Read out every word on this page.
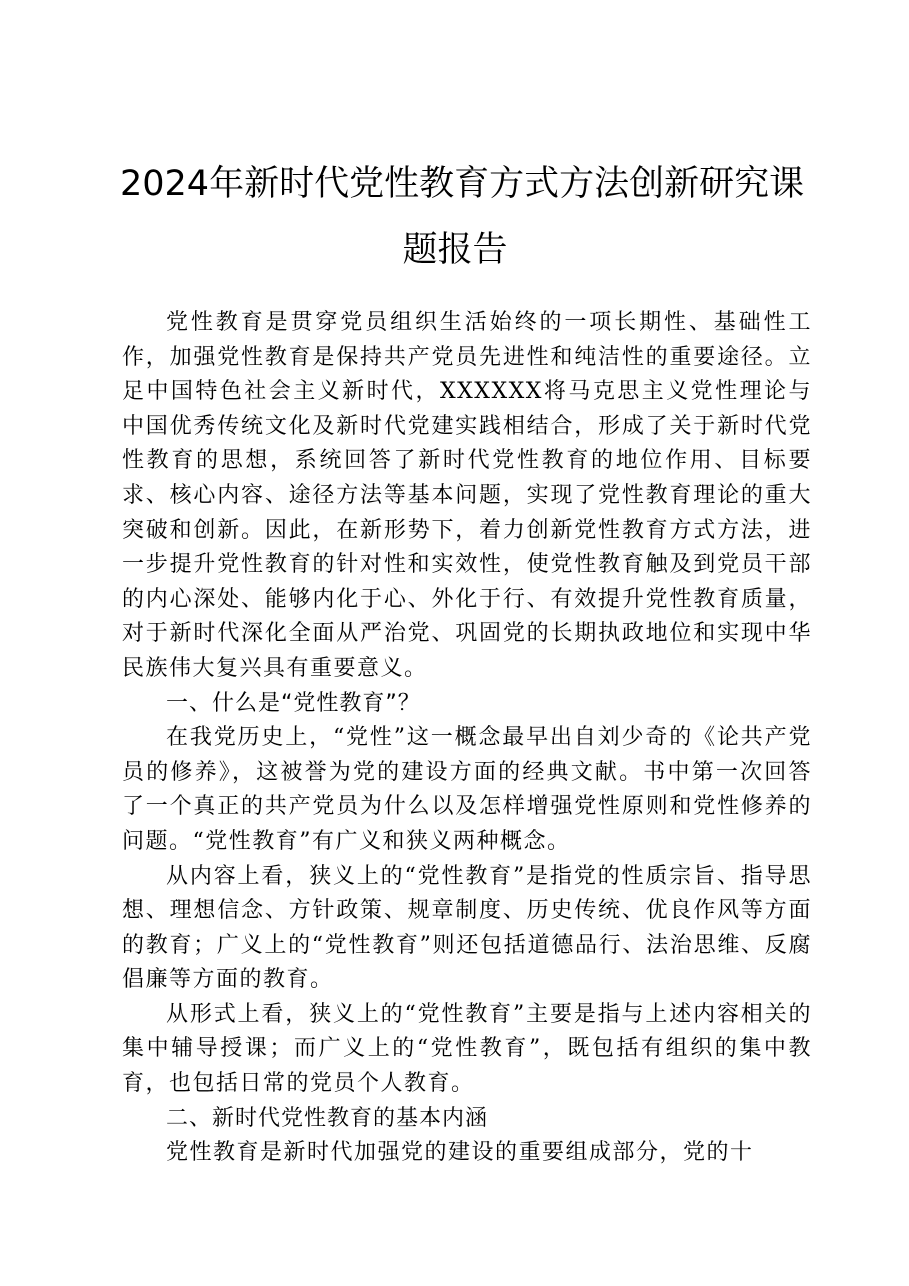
2024年新时代党性教育方式方法创新研究课
题报告

党性教育是贯穿党员组织生活始终的一项长期性、基础性工作，加强党性教育是保持共产党员先进性和纯洁性的重要途径。立足中国特色社会主义新时代，XXXXXX将马克思主义党性理论与中国优秀传统文化及新时代党建实践相结合，形成了关于新时代党性教育的思想，系统回答了新时代党性教育的地位作用、目标要求、核心内容、途径方法等基本问题，实现了党性教育理论的重大突破和创新。因此，在新形势下，着力创新党性教育方式方法，进一步提升党性教育的针对性和实效性，使党性教育触及到党员干部的内心深处、能够内化于心、外化于行、有效提升党性教育质量，对于新时代深化全面从严治党、巩固党的长期执政地位和实现中华民族伟大复兴具有重要意义。

一、什么是“党性教育”？

在我党历史上，“党性”这一概念最早出自刘少奇的《论共产党员的修养》，这被誉为党的建设方面的经典文献。书中第一次回答了一个真正的共产党员为什么以及怎样增强党性原则和党性修养的问题。“党性教育”有广义和狭义两种概念。

从内容上看，狭义上的“党性教育”是指党的性质宗旨、指导思想、理想信念、方针政策、规章制度、历史传统、优良作风等方面的教育；广义上的“党性教育”则还包括道德品行、法治思维、反腐倡廉等方面的教育。

从形式上看，狭义上的“党性教育”主要是指与上述内容相关的集中辅导授课；而广义上的“党性教育”，既包括有组织的集中教育，也包括日常的党员个人教育。

二、新时代党性教育的基本内涵

党性教育是新时代加强党的建设的重要组成部分，党的十
